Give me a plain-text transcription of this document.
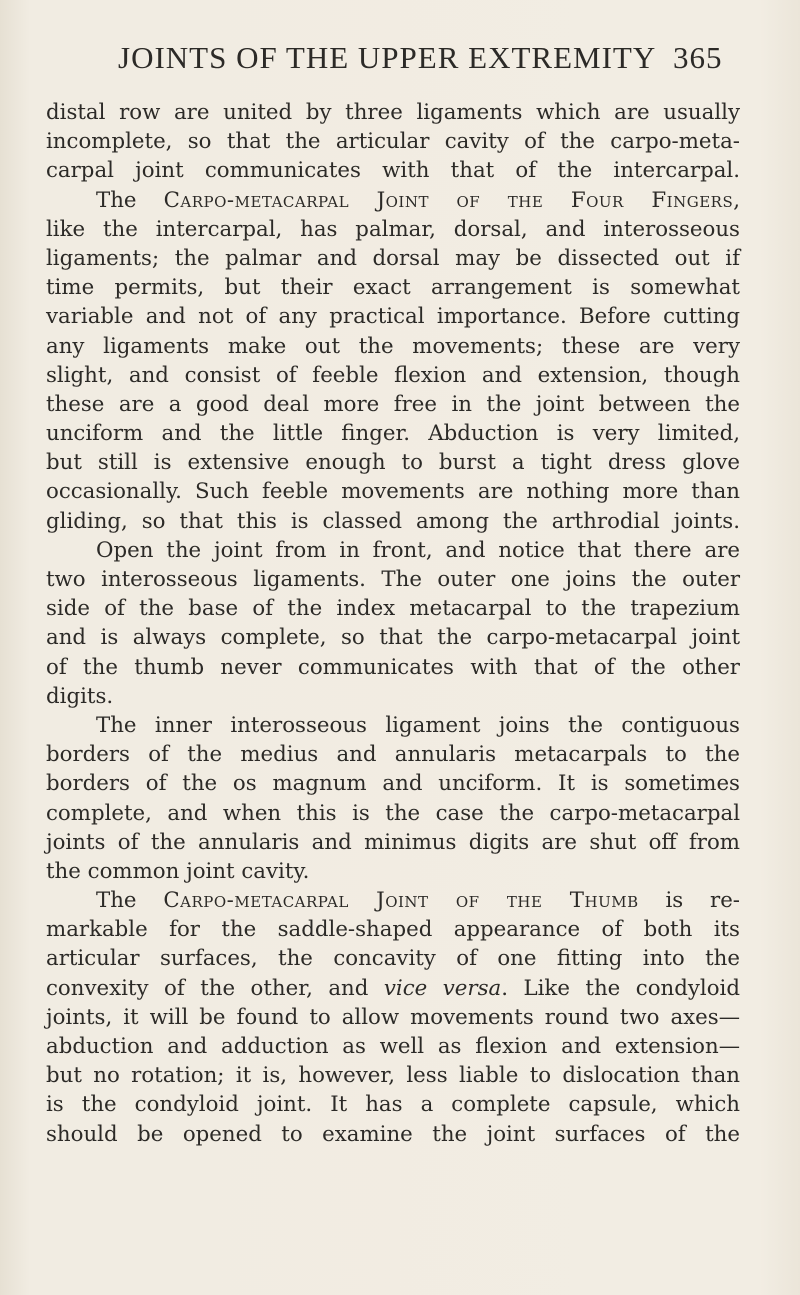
JOINTS OF THE UPPER EXTREMITY 365
distal row are united by three ligaments which are usually
incomplete, so that the articular cavity of the carpo-meta-
carpal joint communicates with that of the intercarpal.
The Carpo-metacarpal Joint of the Four Fingers,
like the intercarpal, has palmar, dorsal, and interosseous
ligaments; the palmar and dorsal may be dissected out if
time permits, but their exact arrangement is somewhat
variable and not of any practical importance. Before cutting
any ligaments make out the movements; these are very
slight, and consist of feeble flexion and extension, though
these are a good deal more free in the joint between the
unciform and the little finger. Abduction is very limited,
but still is extensive enough to burst a tight dress glove
occasionally. Such feeble movements are nothing more than
gliding, so that this is classed among the arthrodial joints.
Open the joint from in front, and notice that there are
two interosseous ligaments. The outer one joins the outer
side of the base of the index metacarpal to the trapezium
and is always complete, so that the carpo-metacarpal joint
of the thumb never communicates with that of the other
digits.
The inner interosseous ligament joins the contiguous
borders of the medius and annularis metacarpals to the
borders of the os magnum and unciform. It is sometimes
complete, and when this is the case the carpo-metacarpal
joints of the annularis and minimus digits are shut off from
the common joint cavity.
The Carpo-metacarpal Joint of the Thumb is re-
markable for the saddle-shaped appearance of both its
articular surfaces, the concavity of one fitting into the
convexity of the other, and vice versa. Like the condyloid
joints, it will be found to allow movements round two axes—
abduction and adduction as well as flexion and extension—
but no rotation; it is, however, less liable to dislocation than
is the condyloid joint. It has a complete capsule, which
should be opened to examine the joint surfaces of the
